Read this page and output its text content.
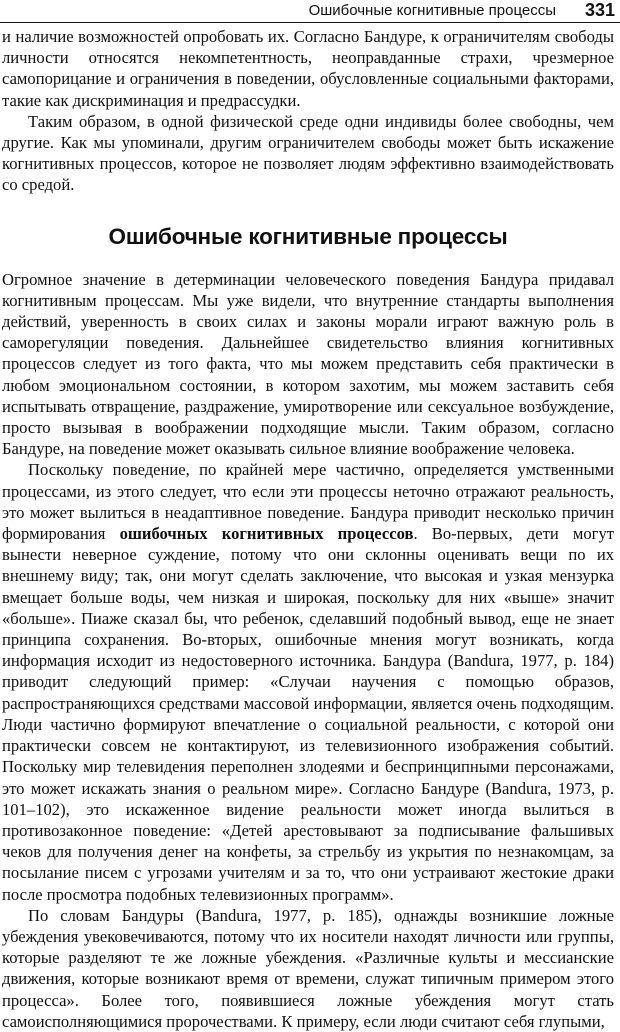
Ошибочные когнитивные процессы 331

и наличие возможностей опробовать их. Согласно Бандуре, к ограничителям свободы личности относятся некомпетентность, неоправданные страхи, чрезмерное самопорицание и ограничения в поведении, обусловленные социальными факторами, такие как дискриминация и предрассудки.

Таким образом, в одной физической среде одни индивиды более свободны, чем другие. Как мы упоминали, другим ограничителем свободы может быть искажение когнитивных процессов, которое не позволяет людям эффективно взаимодействовать со средой.

Ошибочные когнитивные процессы

Огромное значение в детерминации человеческого поведения Бандура придавал когнитивным процессам. Мы уже видели, что внутренние стандарты выполнения действий, уверенность в своих силах и законы морали играют важную роль в саморегуляции поведения. Дальнейшее свидетельство влияния когнитивных процессов следует из того факта, что мы можем представить себя практически в любом эмоциональном состоянии, в котором захотим, мы можем заставить себя испытывать отвращение, раздражение, умиротворение или сексуальное возбуждение, просто вызывая в воображении подходящие мысли. Таким образом, согласно Бандуре, на поведение может оказывать сильное влияние воображение человека.

Поскольку поведение, по крайней мере частично, определяется умственными процессами, из этого следует, что если эти процессы неточно отражают реальность, это может вылиться в неадаптивное поведение. Бандура приводит несколько причин формирования ошибочных когнитивных процессов. Во-первых, дети могут вынести неверное суждение, потому что они склонны оценивать вещи по их внешнему виду; так, они могут сделать заключение, что высокая и узкая мензурка вмещает больше воды, чем низкая и широкая, поскольку для них «выше» значит «больше». Пиаже сказал бы, что ребенок, сделавший подобный вывод, еще не знает принципа сохранения. Во-вторых, ошибочные мнения могут возникать, когда информация исходит из недостоверного источника. Бандура (Bandura, 1977, p. 184) приводит следующий пример: «Случаи научения с помощью образов, распространяющихся средствами массовой информации, является очень подходящим. Люди частично формируют впечатление о социальной реальности, с которой они практически совсем не контактируют, из телевизионного изображения событий. Поскольку мир телевидения переполнен злодеями и беспринципными персонажами, это может искажать знания о реальном мире». Согласно Бандуре (Bandura, 1973, p. 101–102), это искаженное видение реальности может иногда вылиться в противозаконное поведение: «Детей арестовывают за подписывание фальшивых чеков для получения денег на конфеты, за стрельбу из укрытия по незнакомцам, за посылание писем с угрозами учителям и за то, что они устраивают жестокие драки после просмотра подобных телевизионных программ».

По словам Бандуры (Bandura, 1977, p. 185), однажды возникшие ложные убеждения увековечиваются, потому что их носители находят личности или группы, которые разделяют те же ложные убеждения. «Различные культы и мессианские движения, которые возникают время от времени, служат типичным примером этого процесса». Более того, появившиеся ложные убеждения могут стать самоисполняющимися пророчествами. К примеру, если люди считают себя глупыми,
